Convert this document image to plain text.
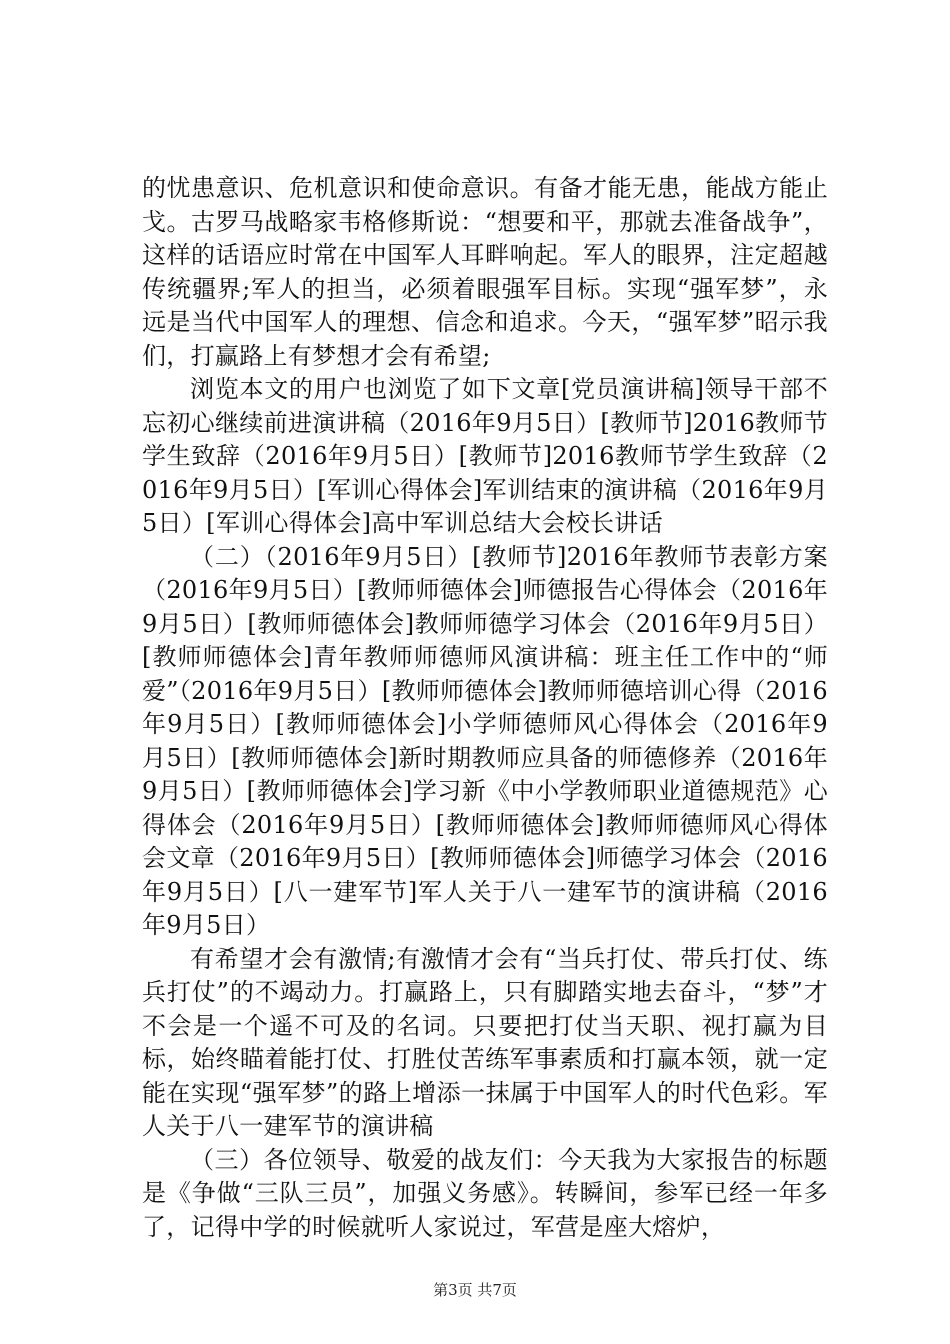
的忧患意识、危机意识和使命意识。有备才能无患，能战方能止戈。古罗马战略家韦格修斯说：“想要和平，那就去准备战争”，这样的话语应时常在中国军人耳畔响起。军人的眼界，注定超越传统疆界;军人的担当，必须着眼强军目标。实现“强军梦”，永远是当代中国军人的理想、信念和追求。今天，“强军梦”昭示我们，打赢路上有梦想才会有希望;

浏览本文的用户也浏览了如下文章[党员演讲稿]领导干部不忘初心继续前进演讲稿（2016年9月5日）[教师节]2016教师节学生致辞（2016年9月5日）[教师节]2016教师节学生致辞（2016年9月5日）[军训心得体会]军训结束的演讲稿（2016年9月5日）[军训心得体会]高中军训总结大会校长讲话

（二）（2016年9月5日）[教师节]2016年教师节表彰方案（2016年9月5日）[教师师德体会]师德报告心得体会（2016年9月5日）[教师师德体会]教师师德学习体会（2016年9月5日）[教师师德体会]青年教师师德师风演讲稿：班主任工作中的“师爱”（2016年9月5日）[教师师德体会]教师师德培训心得（2016年9月5日）[教师师德体会]小学师德师风心得体会（2016年9月5日）[教师师德体会]新时期教师应具备的师德修养（2016年9月5日）[教师师德体会]学习新《中小学教师职业道德规范》心得体会（2016年9月5日）[教师师德体会]教师师德师风心得体会文章（2016年9月5日）[教师师德体会]师德学习体会（2016年9月5日）[八一建军节]军人关于八一建军节的演讲稿（2016年9月5日）

有希望才会有激情;有激情才会有“当兵打仗、带兵打仗、练兵打仗”的不竭动力。打赢路上，只有脚踏实地去奋斗，“梦”才不会是一个遥不可及的名词。只要把打仗当天职、视打赢为目标，始终瞄着能打仗、打胜仗苦练军事素质和打赢本领，就一定能在实现“强军梦”的路上增添一抹属于中国军人的时代色彩。军人关于八一建军节的演讲稿

（三）各位领导、敬爱的战友们：今天我为大家报告的标题是《争做“三队三员”，加强义务感》。转瞬间，参军已经一年多了，记得中学的时候就听人家说过，军营是座大熔炉，

第3页 共7页
